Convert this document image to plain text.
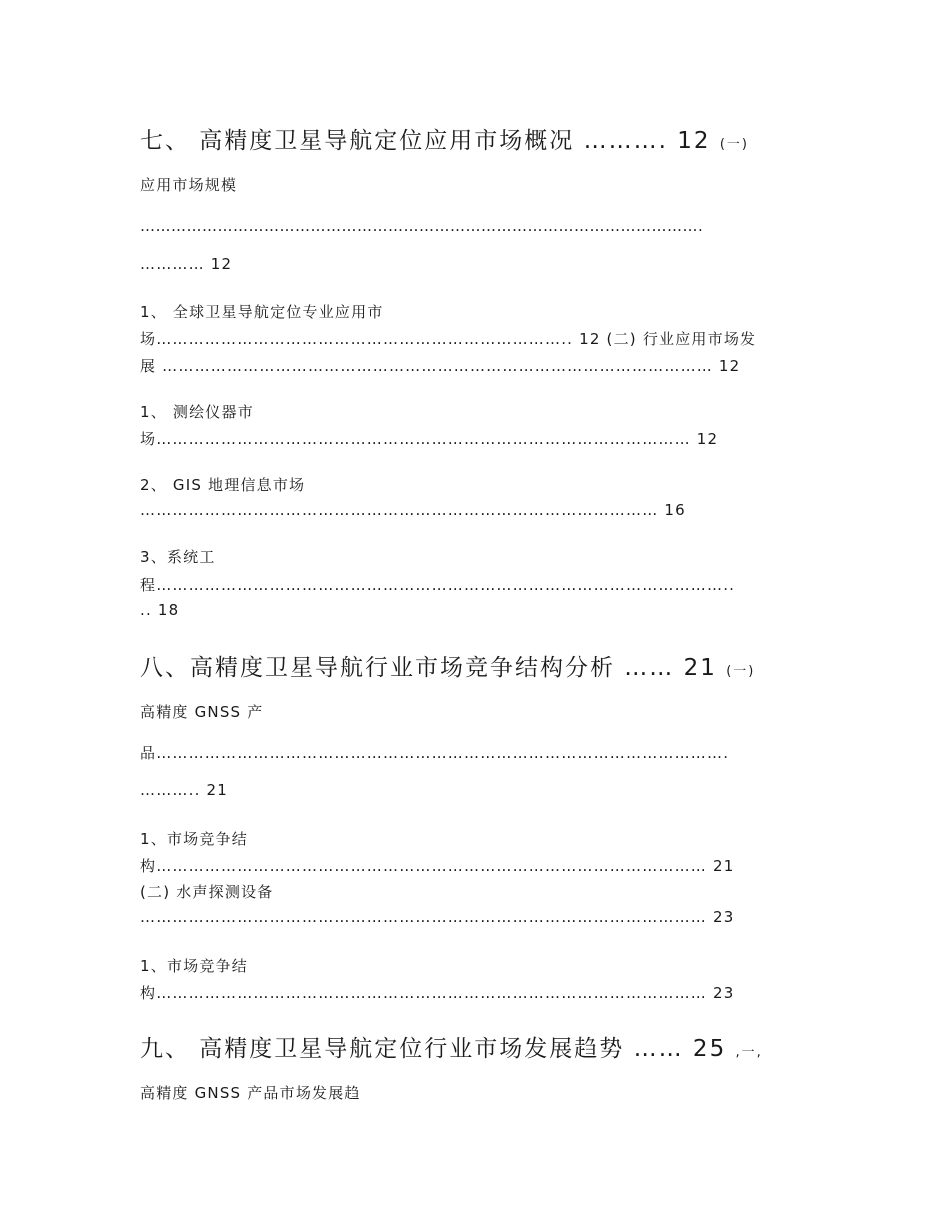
七、 高精度卫星导航定位应用市场概况 ………. 12 (一)
应用市场规模
……………………………………………………………………………………………….
………… 12
1、 全球卫星导航定位专业应用市
场………………………………………………………………….. 12 (二) 行业应用市场发
展 ………………………………………………………………………………………… 12
1、 测绘仪器市
场……………………………………………………………………………………… 12
2、 GIS 地理信息市场
…………………………………………………………………………………… 16
3、系统工
程……………………………………………………………………………………………..
.. 18
八、高精度卫星导航行业市场竞争结构分析 …… 21 (一)
高精度 GNSS 产
品…………………………………………………………………………………………….
……….. 21
1、市场竞争结
构………………………………………………………………………………………… 21
(二) 水声探测设备
…………………………………………………………………………………………… 23
1、市场竞争结
构………………………………………………………………………………………… 23
九、 高精度卫星导航定位行业市场发展趋势 …… 25 ,一,
高精度 GNSS 产品市场发展趋
